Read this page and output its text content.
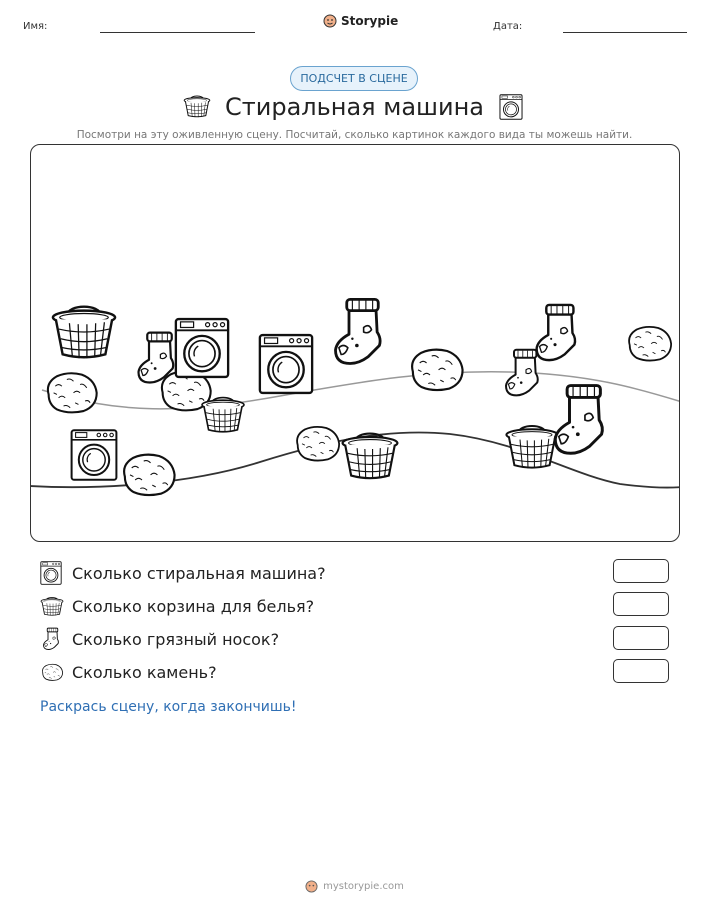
Имя:	Storypie	Дата:
ПОДСЧЕТ В СЦЕНЕ
Стиральная машина
Посмотри на эту оживленную сцену. Посчитай, сколько картинок каждого вида ты можешь найти.
Сколько стиральная машина?
Сколько корзина для белья?
Сколько грязный носок?
Сколько камень?
Раскрась сцену, когда закончишь!
mystorypie.com
